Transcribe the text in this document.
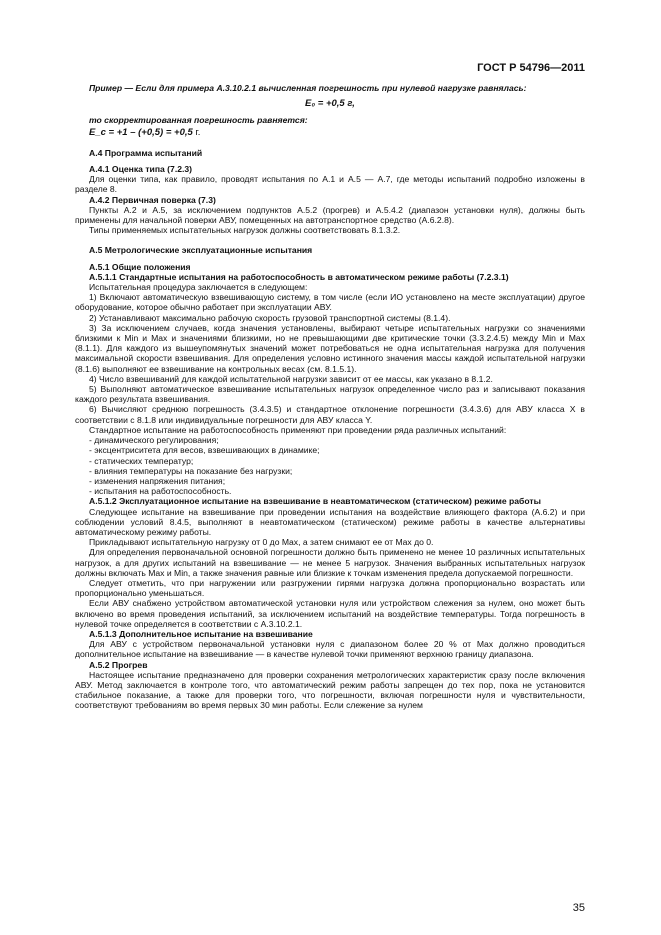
ГОСТ Р 54796—2011

Пример — Если для примера А.3.10.2.1 вычисленная погрешность при нулевой нагрузке равнялась:

E₀ = +0,5 г,

то скорректированная погрешность равняется:

E_c = +1 – (+0,5) = +0,5 г.

А.4 Программа испытаний

А.4.1 Оценка типа (7.2.3)

Для оценки типа, как правило, проводят испытания по А.1 и А.5 — А.7, где методы испытаний подробно изложены в разделе 8.

А.4.2 Первичная поверка (7.3)

Пункты А.2 и А.5, за исключением подпунктов А.5.2 (прогрев) и А.5.4.2 (диапазон установки нуля), должны быть применены для начальной поверки АВУ, помещенных на автотранспортное средство (А.6.2.8).

Типы применяемых испытательных нагрузок должны соответствовать 8.1.3.2.

А.5 Метрологические эксплуатационные испытания

А.5.1 Общие положения

А.5.1.1 Стандартные испытания на работоспособность в автоматическом режиме работы (7.2.3.1)

Испытательная процедура заключается в следующем:

1) Включают автоматическую взвешивающую систему, в том числе (если ИО установлено на месте эксплуатации) другое оборудование, которое обычно работает при эксплуатации АВУ.

2) Устанавливают максимально рабочую скорость грузовой транспортной системы (8.1.4).

3) За исключением случаев, когда значения установлены, выбирают четыре испытательных нагрузки со значениями близкими к Min и Max и значениями близкими, но не превышающими две критические точки (3.3.2.4.5) между Min и Max (8.1.1). Для каждого из вышеупомянутых значений может потребоваться не одна испытательная нагрузка для получения максимальной скорости взвешивания. Для определения условно истинного значения массы каждой испытательной нагрузки (8.1.6) выполняют ее взвешивание на контрольных весах (см. 8.1.5.1).

4) Число взвешиваний для каждой испытательной нагрузки зависит от ее массы, как указано в 8.1.2.

5) Выполняют автоматическое взвешивание испытательных нагрузок определенное число раз и записывают показания каждого результата взвешивания.

6) Вычисляют среднюю погрешность (3.4.3.5) и стандартное отклонение погрешности (3.4.3.6) для АВУ класса X в соответствии с 8.1.8 или индивидуальные погрешности для АВУ класса Y.

Стандартное испытание на работоспособность применяют при проведении ряда различных испытаний:

- динамического регулирования;

- эксцентриситета для весов, взвешивающих в динамике;

- статических температур;

- влияния температуры на показание без нагрузки;

- изменения напряжения питания;

- испытания на работоспособность.

А.5.1.2 Эксплуатационное испытание на взвешивание в неавтоматическом (статическом) режиме работы

Следующее испытание на взвешивание при проведении испытания на воздействие влияющего фактора (А.6.2) и при соблюдении условий 8.4.5, выполняют в неавтоматическом (статическом) режиме работы в качестве альтернативы автоматическому режиму работы.

Прикладывают испытательную нагрузку от 0 до Max, а затем снимают ее от Max до 0.

Для определения первоначальной основной погрешности должно быть применено не менее 10 различных испытательных нагрузок, а для других испытаний на взвешивание — не менее 5 нагрузок. Значения выбранных испытательных нагрузок должны включать Max и Min, а также значения равные или близкие к точкам изменения предела допускаемой погрешности.

Следует отметить, что при нагружении или разгружении гирями нагрузка должна пропорционально возрастать или пропорционально уменьшаться.

Если АВУ снабжено устройством автоматической установки нуля или устройством слежения за нулем, оно может быть включено во время проведения испытаний, за исключением испытаний на воздействие температуры. Тогда погрешность в нулевой точке определяется в соответствии с А.3.10.2.1.

А.5.1.3 Дополнительное испытание на взвешивание

Для АВУ с устройством первоначальной установки нуля с диапазоном более 20 % от Max должно проводиться дополнительное испытание на взвешивание — в качестве нулевой точки применяют верхнюю границу диапазона.

А.5.2 Прогрев

Настоящее испытание предназначено для проверки сохранения метрологических характеристик сразу после включения АВУ. Метод заключается в контроле того, что автоматический режим работы запрещен до тех пор, пока не установится стабильное показание, а также для проверки того, что погрешности, включая погрешности нуля и чувствительности, соответствуют требованиям во время первых 30 мин работы. Если слежение за нулем

35
